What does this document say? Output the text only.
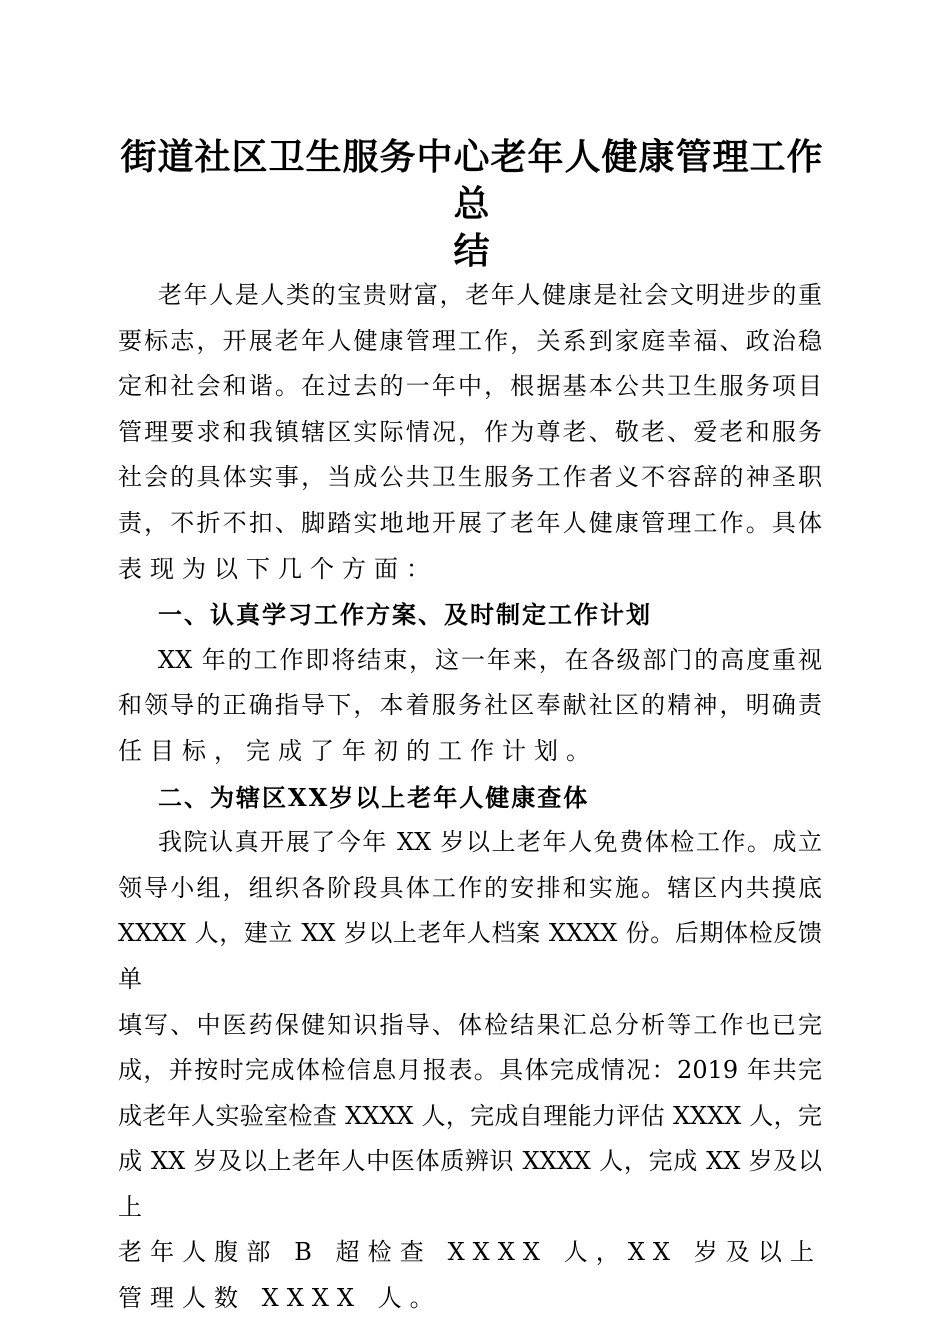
街道社区卫生服务中心老年人健康管理工作总
结
老年人是人类的宝贵财富，老年人健康是社会文明进步的重
要标志，开展老年人健康管理工作，关系到家庭幸福、政治稳
定和社会和谐。在过去的一年中，根据基本公共卫生服务项目
管理要求和我镇辖区实际情况，作为尊老、敬老、爱老和服务
社会的具体实事，当成公共卫生服务工作者义不容辞的神圣职
责，不折不扣、脚踏实地地开展了老年人健康管理工作。具体
表现为以下几个方面：
一、认真学习工作方案、及时制定工作计划
XX 年的工作即将结束，这一年来，在各级部门的高度重视
和领导的正确指导下，本着服务社区奉献社区的精神，明确责
任目标，完成了年初的工作计划。
二、为辖区XX岁以上老年人健康查体
我院认真开展了今年 XX 岁以上老年人免费体检工作。成立
领导小组，组织各阶段具体工作的安排和实施。辖区内共摸底
XXXX 人，建立 XX 岁以上老年人档案 XXXX 份。后期体检反馈单
填写、中医药保健知识指导、体检结果汇总分析等工作也已完
成，并按时完成体检信息月报表。具体完成情况：2019 年共完
成老年人实验室检查 XXXX 人，完成自理能力评估 XXXX 人，完
成 XX 岁及以上老年人中医体质辨识 XXXX 人，完成 XX 岁及以上
老年人腹部 B 超检查 XXXX 人，XX 岁及以上管理人数 XXXX 人。
